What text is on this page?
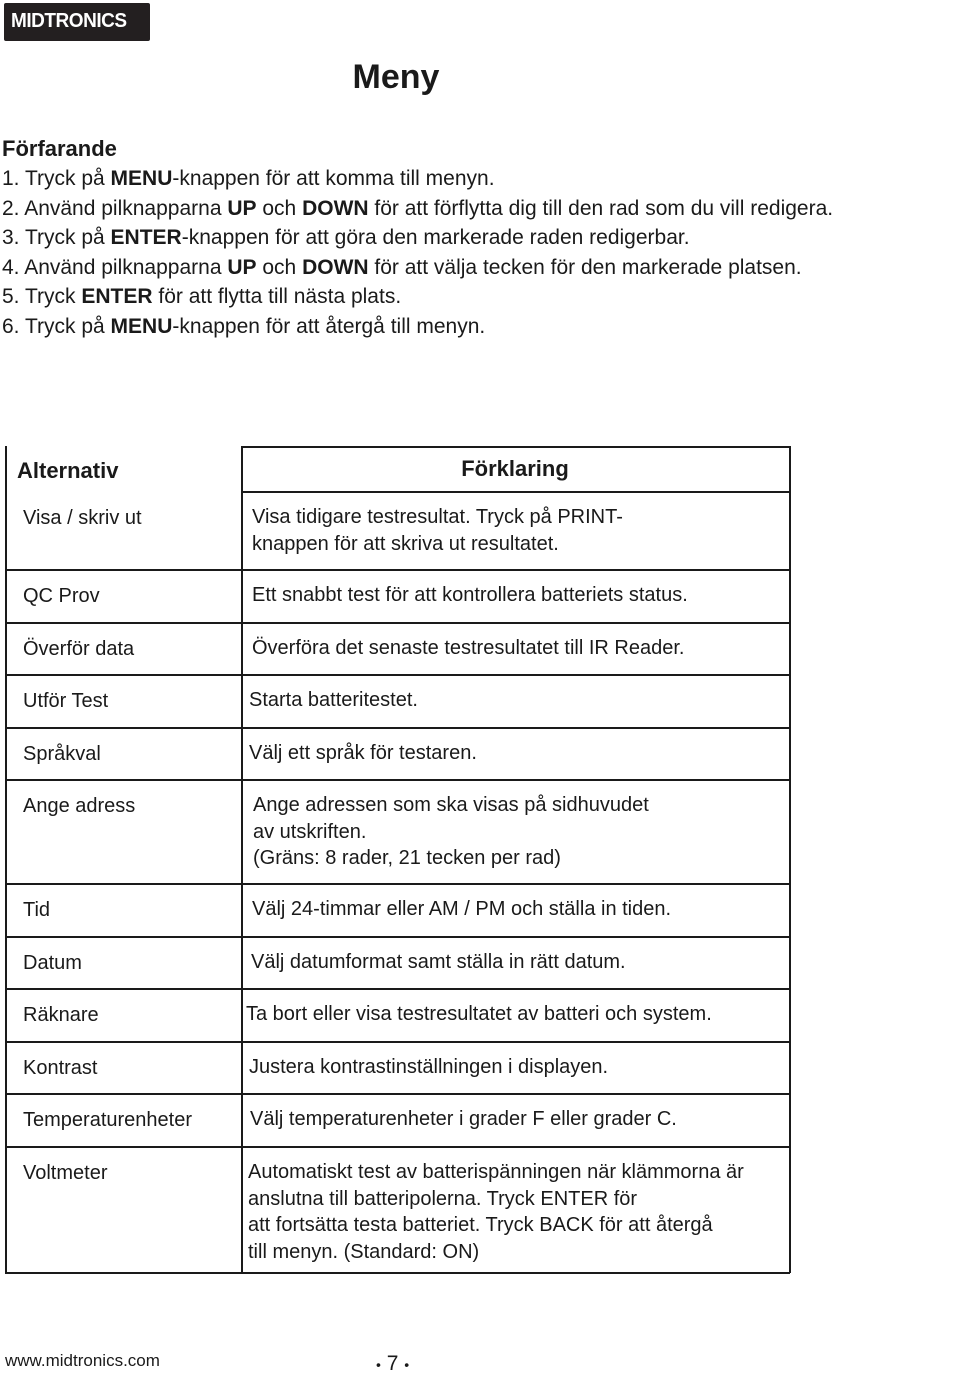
MIDTRONICS
Meny
Förfarande
1. Tryck på MENU-knappen för att komma till menyn.
2. Använd pilknapparna UP och DOWN för att förflytta dig till den rad som du vill redigera.
3. Tryck på ENTER-knappen för att göra den markerade raden redigerbar.
4. Använd pilknapparna UP och DOWN för att välja tecken för den markerade platsen.
5. Tryck ENTER för att flytta till nästa plats.
6. Tryck på MENU-knappen för att återgå till menyn.
Alternativ	Förklaring
Visa / skriv ut	Visa tidigare testresultat. Tryck på PRINT-
knappen för att skriva ut resultatet.
QC Prov	Ett snabbt test för att kontrollera batteriets status.
Överför data	Överföra det senaste testresultatet till IR Reader.
Utför Test	Starta batteritestet.
Språkval	Välj ett språk för testaren.
Ange adress	Ange adressen som ska visas på sidhuvudet
av utskriften.
(Gräns: 8 rader, 21 tecken per rad)
Tid	Välj 24-timmar eller AM / PM och ställa in tiden.
Datum	Välj datumformat samt ställa in rätt datum.
Räknare	Ta bort eller visa testresultatet av batteri och system.
Kontrast	Justera kontrastinställningen i displayen.
Temperaturenheter	Välj temperaturenheter i grader F eller grader C.
Voltmeter	Automatiskt test av batterispänningen när klämmorna är
anslutna till batteripolerna. Tryck ENTER för
att fortsätta testa batteriet. Tryck BACK för att återgå
till menyn. (Standard: ON)
www.midtronics.com	• 7 •
